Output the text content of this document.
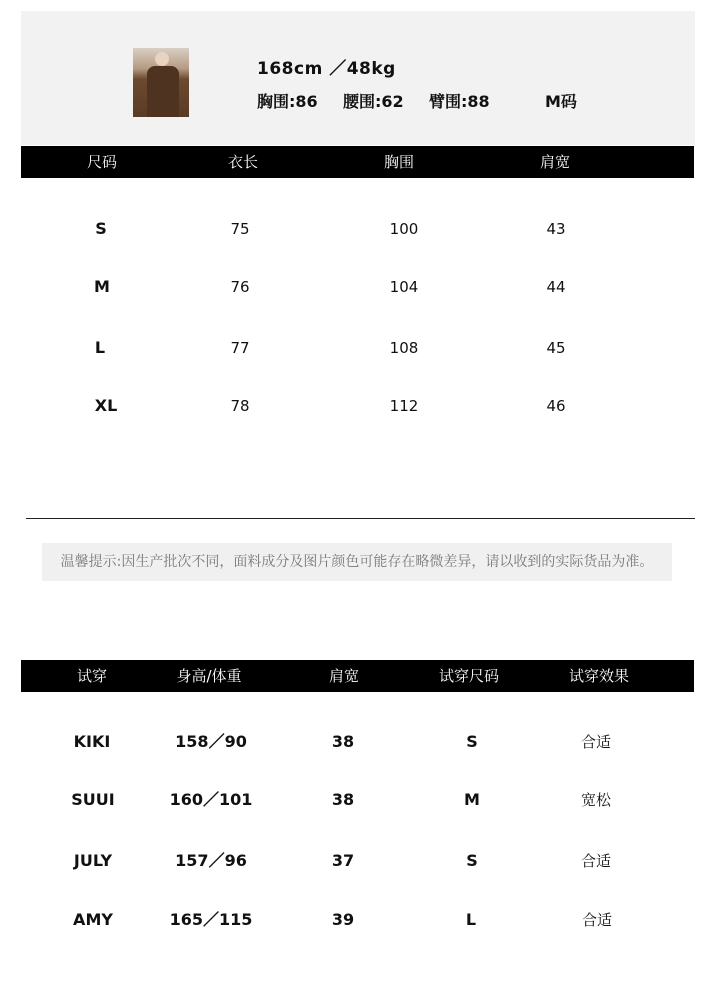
168cm ／48kg
胸围:86	腰围:62	臂围:88	M码
尺码	衣长	胸围	肩宽
S	75	100	43
M	76	104	44
L	77	108	45
XL	78	112	46
温馨提示:因生产批次不同，面料成分及图片颜色可能存在略微差异，请以收到的实际货品为准。
试穿	身高/体重	肩宽	试穿尺码	试穿效果
KIKI	158／90	38	S	合适
SUUI	160／101	38	M	宽松
JULY	157／96	37	S	合适
AMY	165／115	39	L	合适
